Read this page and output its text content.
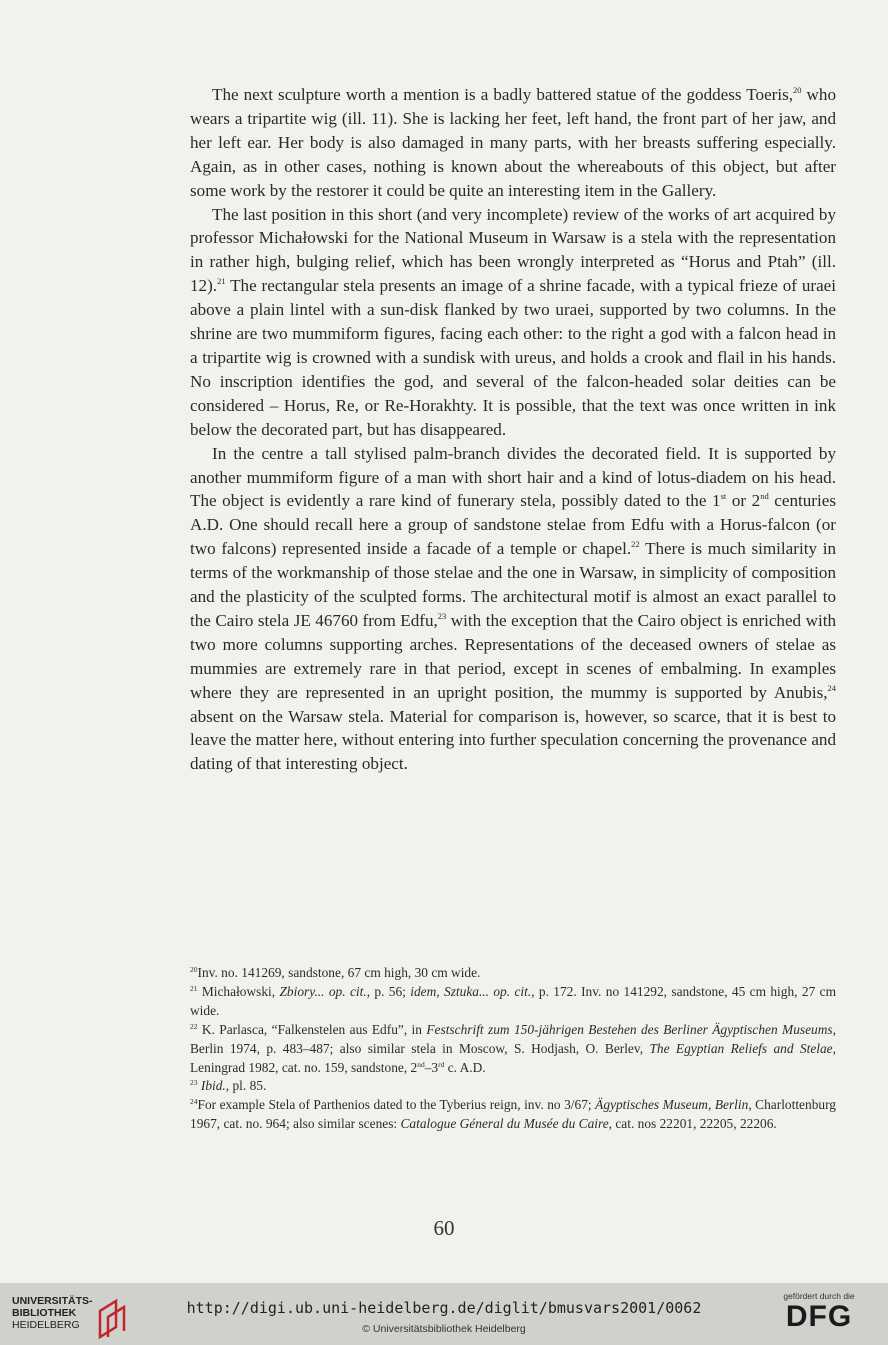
The next sculpture worth a mention is a badly battered statue of the goddess Toeris,$^{20}$ who wears a tripartite wig (ill. 11). She is lacking her feet, left hand, the front part of her jaw, and her left ear. Her body is also damaged in many parts, with her breasts suffering especially. Again, as in other cases, nothing is known about the whereabouts of this object, but after some work by the restorer it could be quite an interesting item in the Gallery.

The last position in this short (and very incomplete) review of the works of art acquired by professor Michałowski for the National Museum in Warsaw is a stela with the representation in rather high, bulging relief, which has been wrongly interpreted as “Horus and Ptah” (ill. 12).$^{21}$ The rectangular stela presents an image of a shrine facade, with a typical frieze of uraei above a plain lintel with a sun-disk flanked by two uraei, supported by two columns. In the shrine are two mummiform figures, facing each other: to the right a god with a falcon head in a tripartite wig is crowned with a sundisk with ureus, and holds a crook and flail in his hands. No inscription identifies the god, and several of the falcon-headed solar deities can be considered – Horus, Re, or Re-Horakhty. It is possible, that the text was once written in ink below the decorated part, but has disappeared.

In the centre a tall stylised palm-branch divides the decorated field. It is supported by another mummiform figure of a man with short hair and a kind of lotus-diadem on his head. The object is evidently a rare kind of funerary stela, possibly dated to the 1st or 2nd centuries A.D. One should recall here a group of sandstone stelae from Edfu with a Horus-falcon (or two falcons) represented inside a facade of a temple or chapel.$^{22}$ There is much similarity in terms of the workmanship of those stelae and the one in Warsaw, in simplicity of composition and the plasticity of the sculpted forms. The architectural motif is almost an exact parallel to the Cairo stela JE 46760 from Edfu,$^{23}$ with the exception that the Cairo object is enriched with two more columns supporting arches. Representations of the deceased owners of stelae as mummies are extremely rare in that period, except in scenes of embalming. In examples where they are represented in an upright position, the mummy is supported by Anubis,$^{24}$ absent on the Warsaw stela. Material for comparison is, however, so scarce, that it is best to leave the matter here, without entering into further speculation concerning the provenance and dating of that interesting object.

$^{20}$Inv. no. 141269, sandstone, 67 cm high, 30 cm wide.

$^{21}$ Michałowski, Zbiory... op. cit., p. 56; idem, Sztuka... op. cit., p. 172. Inv. no 141292, sandstone, 45 cm high, 27 cm wide.

$^{22}$ K. Parlasca, “Falkenstelen aus Edfu”, in Festschrift zum 150-jährigen Bestehen des Berliner Ägyptischen Museums, Berlin 1974, p. 483–487; also similar stela in Moscow, S. Hodjash, O. Berlev, The Egyptian Reliefs and Stelae, Leningrad 1982, cat. no. 159, sandstone, 2nd–3rd c. A.D.

$^{23}$ Ibid., pl. 85.

$^{24}$For example Stela of Parthenios dated to the Tyberius reign, inv. no 3/67; Ägyptisches Museum, Berlin, Charlottenburg 1967, cat. no. 964; also similar scenes: Catalogue Géneral du Musée du Caire, cat. nos 22201, 22205, 22206.

60
UNIVERSITÄTS-
BIBLIOTHEK
HEIDELBERG
http://digi.ub.uni-heidelberg.de/diglit/bmusvars2001/0062
© Universitätsbibliothek Heidelberg
gefördert durch die
DFG
